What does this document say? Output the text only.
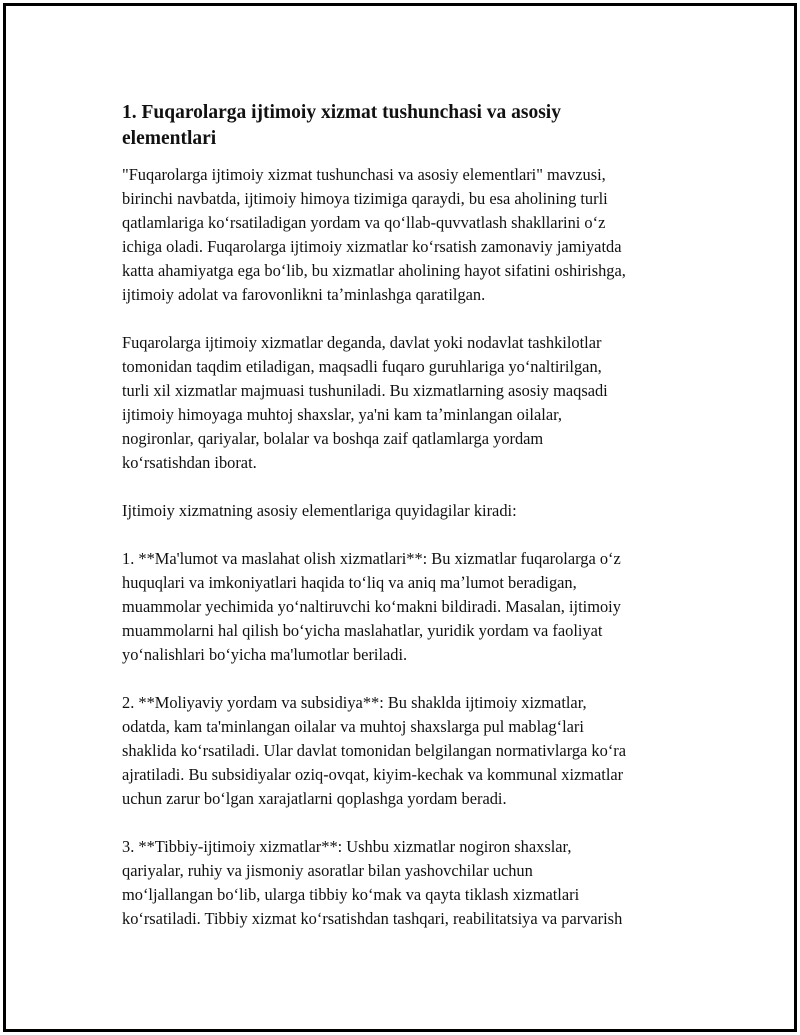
1. Fuqarolarga ijtimoiy xizmat tushunchasi va asosiy
elementlari

"Fuqarolarga ijtimoiy xizmat tushunchasi va asosiy elementlari" mavzusi,
birinchi navbatda, ijtimoiy himoya tizimiga qaraydi, bu esa aholining turli
qatlamlariga koʻrsatiladigan yordam va qoʻllab-quvvatlash shakllarini oʻz
ichiga oladi. Fuqarolarga ijtimoiy xizmatlar koʻrsatish zamonaviy jamiyatda
katta ahamiyatga ega boʻlib, bu xizmatlar aholining hayot sifatini oshirishga,
ijtimoiy adolat va farovonlikni taʼminlashga qaratilgan.

Fuqarolarga ijtimoiy xizmatlar deganda, davlat yoki nodavlat tashkilotlar
tomonidan taqdim etiladigan, maqsadli fuqaro guruhlariga yoʻnaltirilgan,
turli xil xizmatlar majmuasi tushuniladi. Bu xizmatlarning asosiy maqsadi
ijtimoiy himoyaga muhtoj shaxslar, ya'ni kam taʼminlangan oilalar,
nogironlar, qariyalar, bolalar va boshqa zaif qatlamlarga yordam
koʻrsatishdan iborat.

Ijtimoiy xizmatning asosiy elementlariga quyidagilar kiradi:

1. **Ma'lumot va maslahat olish xizmatlari**: Bu xizmatlar fuqarolarga oʻz
huquqlari va imkoniyatlari haqida toʻliq va aniq maʼlumot beradigan,
muammolar yechimida yoʻnaltiruvchi koʻmakni bildiradi. Masalan, ijtimoiy
muammolarni hal qilish boʻyicha maslahatlar, yuridik yordam va faoliyat
yoʻnalishlari boʻyicha ma'lumotlar beriladi.

2. **Moliyaviy yordam va subsidiya**: Bu shaklda ijtimoiy xizmatlar,
odatda, kam ta'minlangan oilalar va muhtoj shaxslarga pul mablagʻlari
shaklida koʻrsatiladi. Ular davlat tomonidan belgilangan normativlarga koʻra
ajratiladi. Bu subsidiyalar oziq-ovqat, kiyim-kechak va kommunal xizmatlar
uchun zarur boʻlgan xarajatlarni qoplashga yordam beradi.

3. **Tibbiy-ijtimoiy xizmatlar**: Ushbu xizmatlar nogiron shaxslar,
qariyalar, ruhiy va jismoniy asoratlar bilan yashovchilar uchun
moʻljallangan boʻlib, ularga tibbiy koʻmak va qayta tiklash xizmatlari
koʻrsatiladi. Tibbiy xizmat koʻrsatishdan tashqari, reabilitatsiya va parvarish
